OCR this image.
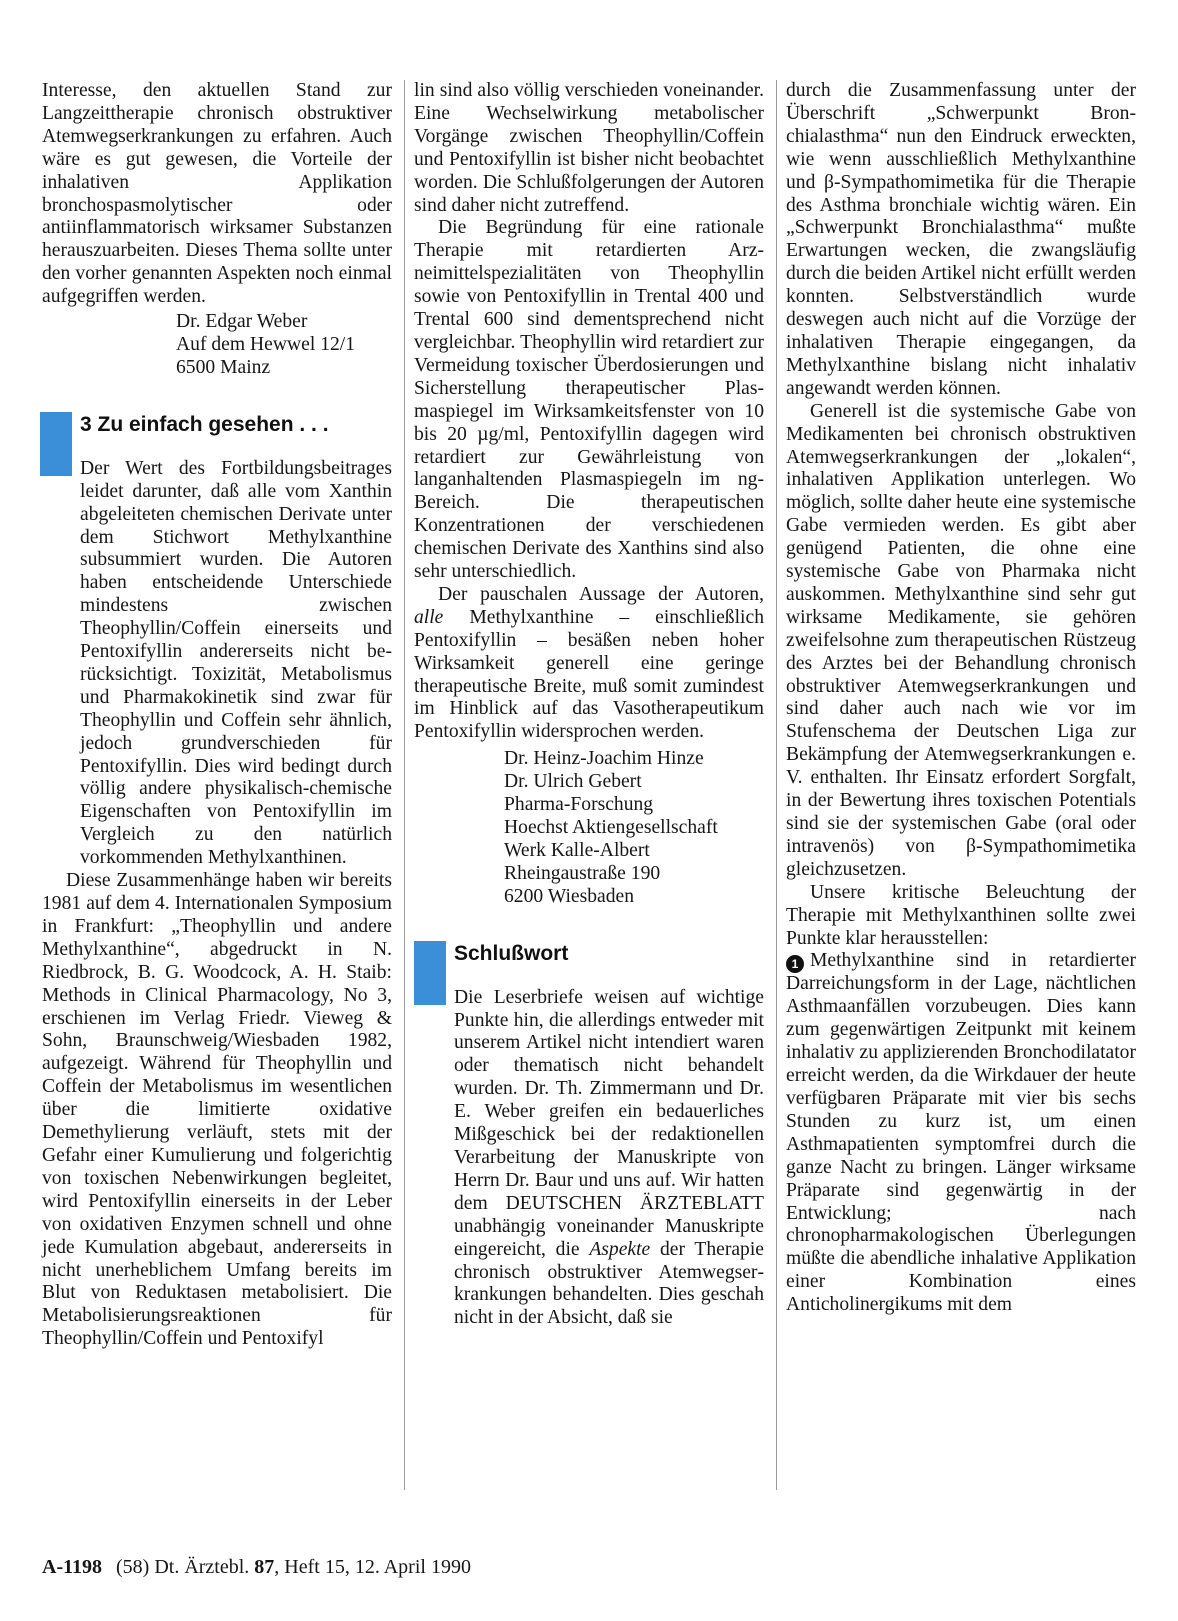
Interesse, den aktuellen Stand zur Langzeittherapie chronisch obstruktiver Atemwegserkrankungen zu erfahren. Auch wäre es gut gewesen, die Vorteile der inhalativen Applikation bronchospasmolytischer oder antiinflammatorisch wirksamer Substanzen herauszuarbeiten. Dieses Thema sollte unter den vorher genannten Aspekten noch einmal aufgegriffen werden.

Dr. Edgar Weber
Auf dem Hewwel 12/1
6500 Mainz
3 Zu einfach gesehen . . .

Der Wert des Fortbildungsbeitrages leidet darunter, daß alle vom Xanthin abgeleiteten chemischen Derivate unter dem Stichwort Methylxanthine subsummiert wurden. Die Autoren haben entscheidende Unterschiede mindestens zwischen Theophyllin/Coffein einerseits und Pentoxifyllin andererseits nicht berücksichtigt. Toxizität, Metabolismus und Pharmakokinetik sind zwar für Theophyllin und Coffein sehr ähnlich, jedoch grundverschieden für Pentoxifyllin. Dies wird bedingt durch völlig andere physikalisch-chemische Eigenschaften von Pentoxifyllin im Vergleich zu den natürlich vorkommenden Methylxanthinen.

Diese Zusammenhänge haben wir bereits 1981 auf dem 4. Internationalen Symposium in Frankfurt: „Theophyllin und andere Methylxanthine“, abgedruckt in N. Riedbrock, B. G. Woodcock, A. H. Staib: Methods in Clinical Pharmacology, No 3, erschienen im Verlag Friedr. Vieweg & Sohn, Braunschweig/Wiesbaden 1982, aufgezeigt. Während für Theophyllin und Coffein der Metabolismus im wesentlichen über die limitierte oxidative Demethylierung verläuft, stets mit der Gefahr einer Kumulierung und folgerichtig von toxischen Nebenwirkungen begleitet, wird Pentoxifyllin einerseits in der Leber von oxidativen Enzymen schnell und ohne jede Kumulation abgebaut, andererseits in nicht unerheblichem Umfang bereits im Blut von Reduktasen metabolisiert. Die Metabolisierungsreaktionen für Theophyllin/Coffein und Pentoxifyl

lin sind also völlig verschieden voneinander. Eine Wechselwirkung metabolischer Vorgänge zwischen Theophyllin/Coffein und Pentoxifyllin ist bisher nicht beobachtet worden. Die Schlußfolgerungen der Autoren sind daher nicht zutreffend.

Die Begründung für eine rationale Therapie mit retardierten Arzneimittelspezialitäten von Theophyllin sowie von Pentoxifyllin in Trental 400 und Trental 600 sind dementsprechend nicht vergleichbar. Theophyllin wird retardiert zur Vermeidung toxischer Überdosierungen und Sicherstellung therapeutischer Plasmaspiegel im Wirksamkeitsfenster von 10 bis 20 µg/ml, Pentoxifyllin dagegen wird retardiert zur Gewährleistung von langanhaltenden Plasmaspiegeln im ng-Bereich. Die therapeutischen Konzentrationen der verschiedenen chemischen Derivate des Xanthins sind also sehr unterschiedlich.

Der pauschalen Aussage der Autoren, alle Methylxanthine – einschließlich Pentoxifyllin – besäßen neben hoher Wirksamkeit generell eine geringe therapeutische Breite, muß somit zumindest im Hinblick auf das Vasotherapeutikum Pentoxifyllin widersprochen werden.

Dr. Heinz-Joachim Hinze
Dr. Ulrich Gebert
Pharma-Forschung
Hoechst Aktiengesellschaft
Werk Kalle-Albert
Rheingaustraße 190
6200 Wiesbaden
Schlußwort

Die Leserbriefe weisen auf wichtige Punkte hin, die allerdings entweder mit unserem Artikel nicht intendiert waren oder thematisch nicht behandelt wurden. Dr. Th. Zimmermann und Dr. E. Weber greifen ein bedauerliches Mißgeschick bei der redaktionellen Verarbeitung der Manuskripte von Herrn Dr. Baur und uns auf. Wir hatten dem DEUTSCHEN ÄRZTEBLATT unabhängig voneinander Manuskripte eingereicht, die Aspekte der Therapie chronisch obstruktiver Atemwegserkrankungen behandelten. Dies geschah nicht in der Absicht, daß sie

durch die Zusammenfassung unter der Überschrift „Schwerpunkt Bronchialasthma“ nun den Eindruck erweckten, wie wenn ausschließlich Methylxanthine und β-Sympathomimetika für die Therapie des Asthma bronchiale wichtig wären. Ein „Schwerpunkt Bronchialasthma“ mußte Erwartungen wecken, die zwangsläufig durch die beiden Artikel nicht erfüllt werden konnten. Selbstverständlich wurde deswegen auch nicht auf die Vorzüge der inhalativen Therapie eingegangen, da Methylxanthine bislang nicht inhalativ angewandt werden können.

Generell ist die systemische Gabe von Medikamenten bei chronisch obstruktiven Atemwegserkrankungen der „lokalen“, inhalativen Applikation unterlegen. Wo möglich, sollte daher heute eine systemische Gabe vermieden werden. Es gibt aber genügend Patienten, die ohne eine systemische Gabe von Pharmaka nicht auskommen. Methylxanthine sind sehr gut wirksame Medikamente, sie gehören zweifelsohne zum therapeutischen Rüstzeug des Arztes bei der Behandlung chronisch obstruktiver Atemwegserkrankungen und sind daher auch nach wie vor im Stufenschema der Deutschen Liga zur Bekämpfung der Atemwegserkrankungen e. V. enthalten. Ihr Einsatz erfordert Sorgfalt, in der Bewertung ihres toxischen Potentials sind sie der systemischen Gabe (oral oder intravenös) von β-Sympathomimetika gleichzusetzen.

Unsere kritische Beleuchtung der Therapie mit Methylxanthinen sollte zwei Punkte klar herausstellen:

1 Methylxanthine sind in retardierter Darreichungsform in der Lage, nächtlichen Asthmaanfällen vorzubeugen. Dies kann zum gegenwärtigen Zeitpunkt mit keinem inhalativ zu applizierenden Bronchodilatator erreicht werden, da die Wirkdauer der heute verfügbaren Präparate mit vier bis sechs Stunden zu kurz ist, um einen Asthmapatienten symptomfrei durch die ganze Nacht zu bringen. Länger wirksame Präparate sind gegenwärtig in der Entwicklung; nach chronopharmakologischen Überlegungen müßte die abendliche inhalative Applikation einer Kombination eines Anticholinergikums mit dem

A-1198 (58) Dt. Ärztebl. 87, Heft 15, 12. April 1990
